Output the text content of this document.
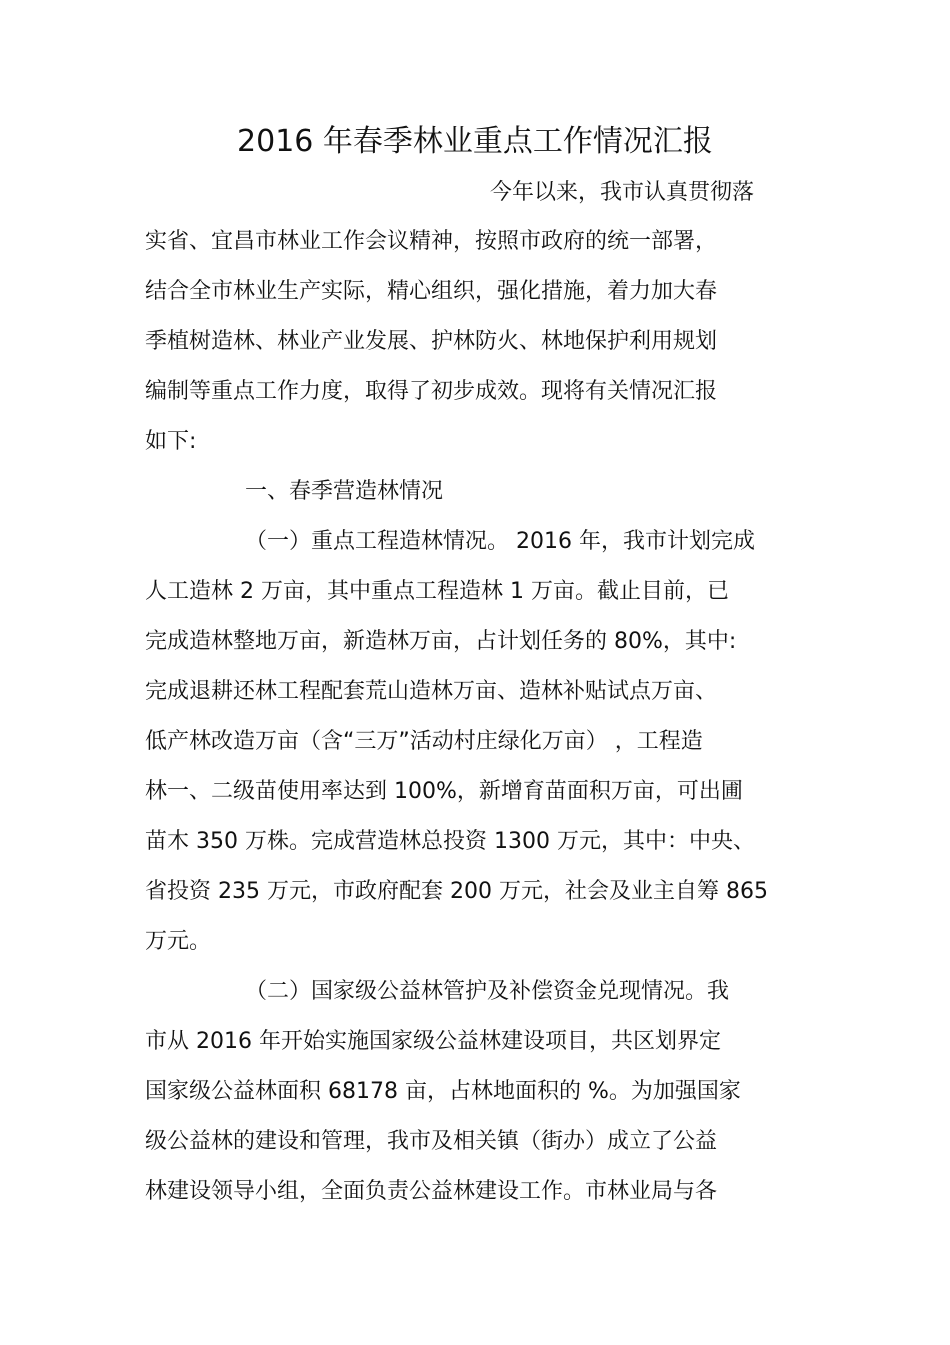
2016 年春季林业重点工作情况汇报
今年以来，我市认真贯彻落
实省、宜昌市林业工作会议精神，按照市政府的统一部署，
结合全市林业生产实际，精心组织，强化措施，着力加大春
季植树造林、林业产业发展、护林防火、林地保护利用规划
编制等重点工作力度，取得了初步成效。现将有关情况汇报
如下:
一、春季营造林情况
（一）重点工程造林情况。 2016 年，我市计划完成
人工造林 2 万亩，其中重点工程造林 1 万亩。截止目前，已
完成造林整地万亩，新造林万亩，占计划任务的 80%，其中:
完成退耕还林工程配套荒山造林万亩、造林补贴试点万亩、
低产林改造万亩（含“三万”活动村庄绿化万亩） ，工程造
林一、二级苗使用率达到 100%，新增育苗面积万亩，可出圃
苗木 350 万株。完成营造林总投资 1300 万元，其中：中央、
省投资 235 万元，市政府配套 200 万元，社会及业主自筹 865
万元。
（二）国家级公益林管护及补偿资金兑现情况。我
市从 2016 年开始实施国家级公益林建设项目，共区划界定
国家级公益林面积 68178 亩，占林地面积的 %。为加强国家
级公益林的建设和管理，我市及相关镇（街办）成立了公益
林建设领导小组，全面负责公益林建设工作。市林业局与各
